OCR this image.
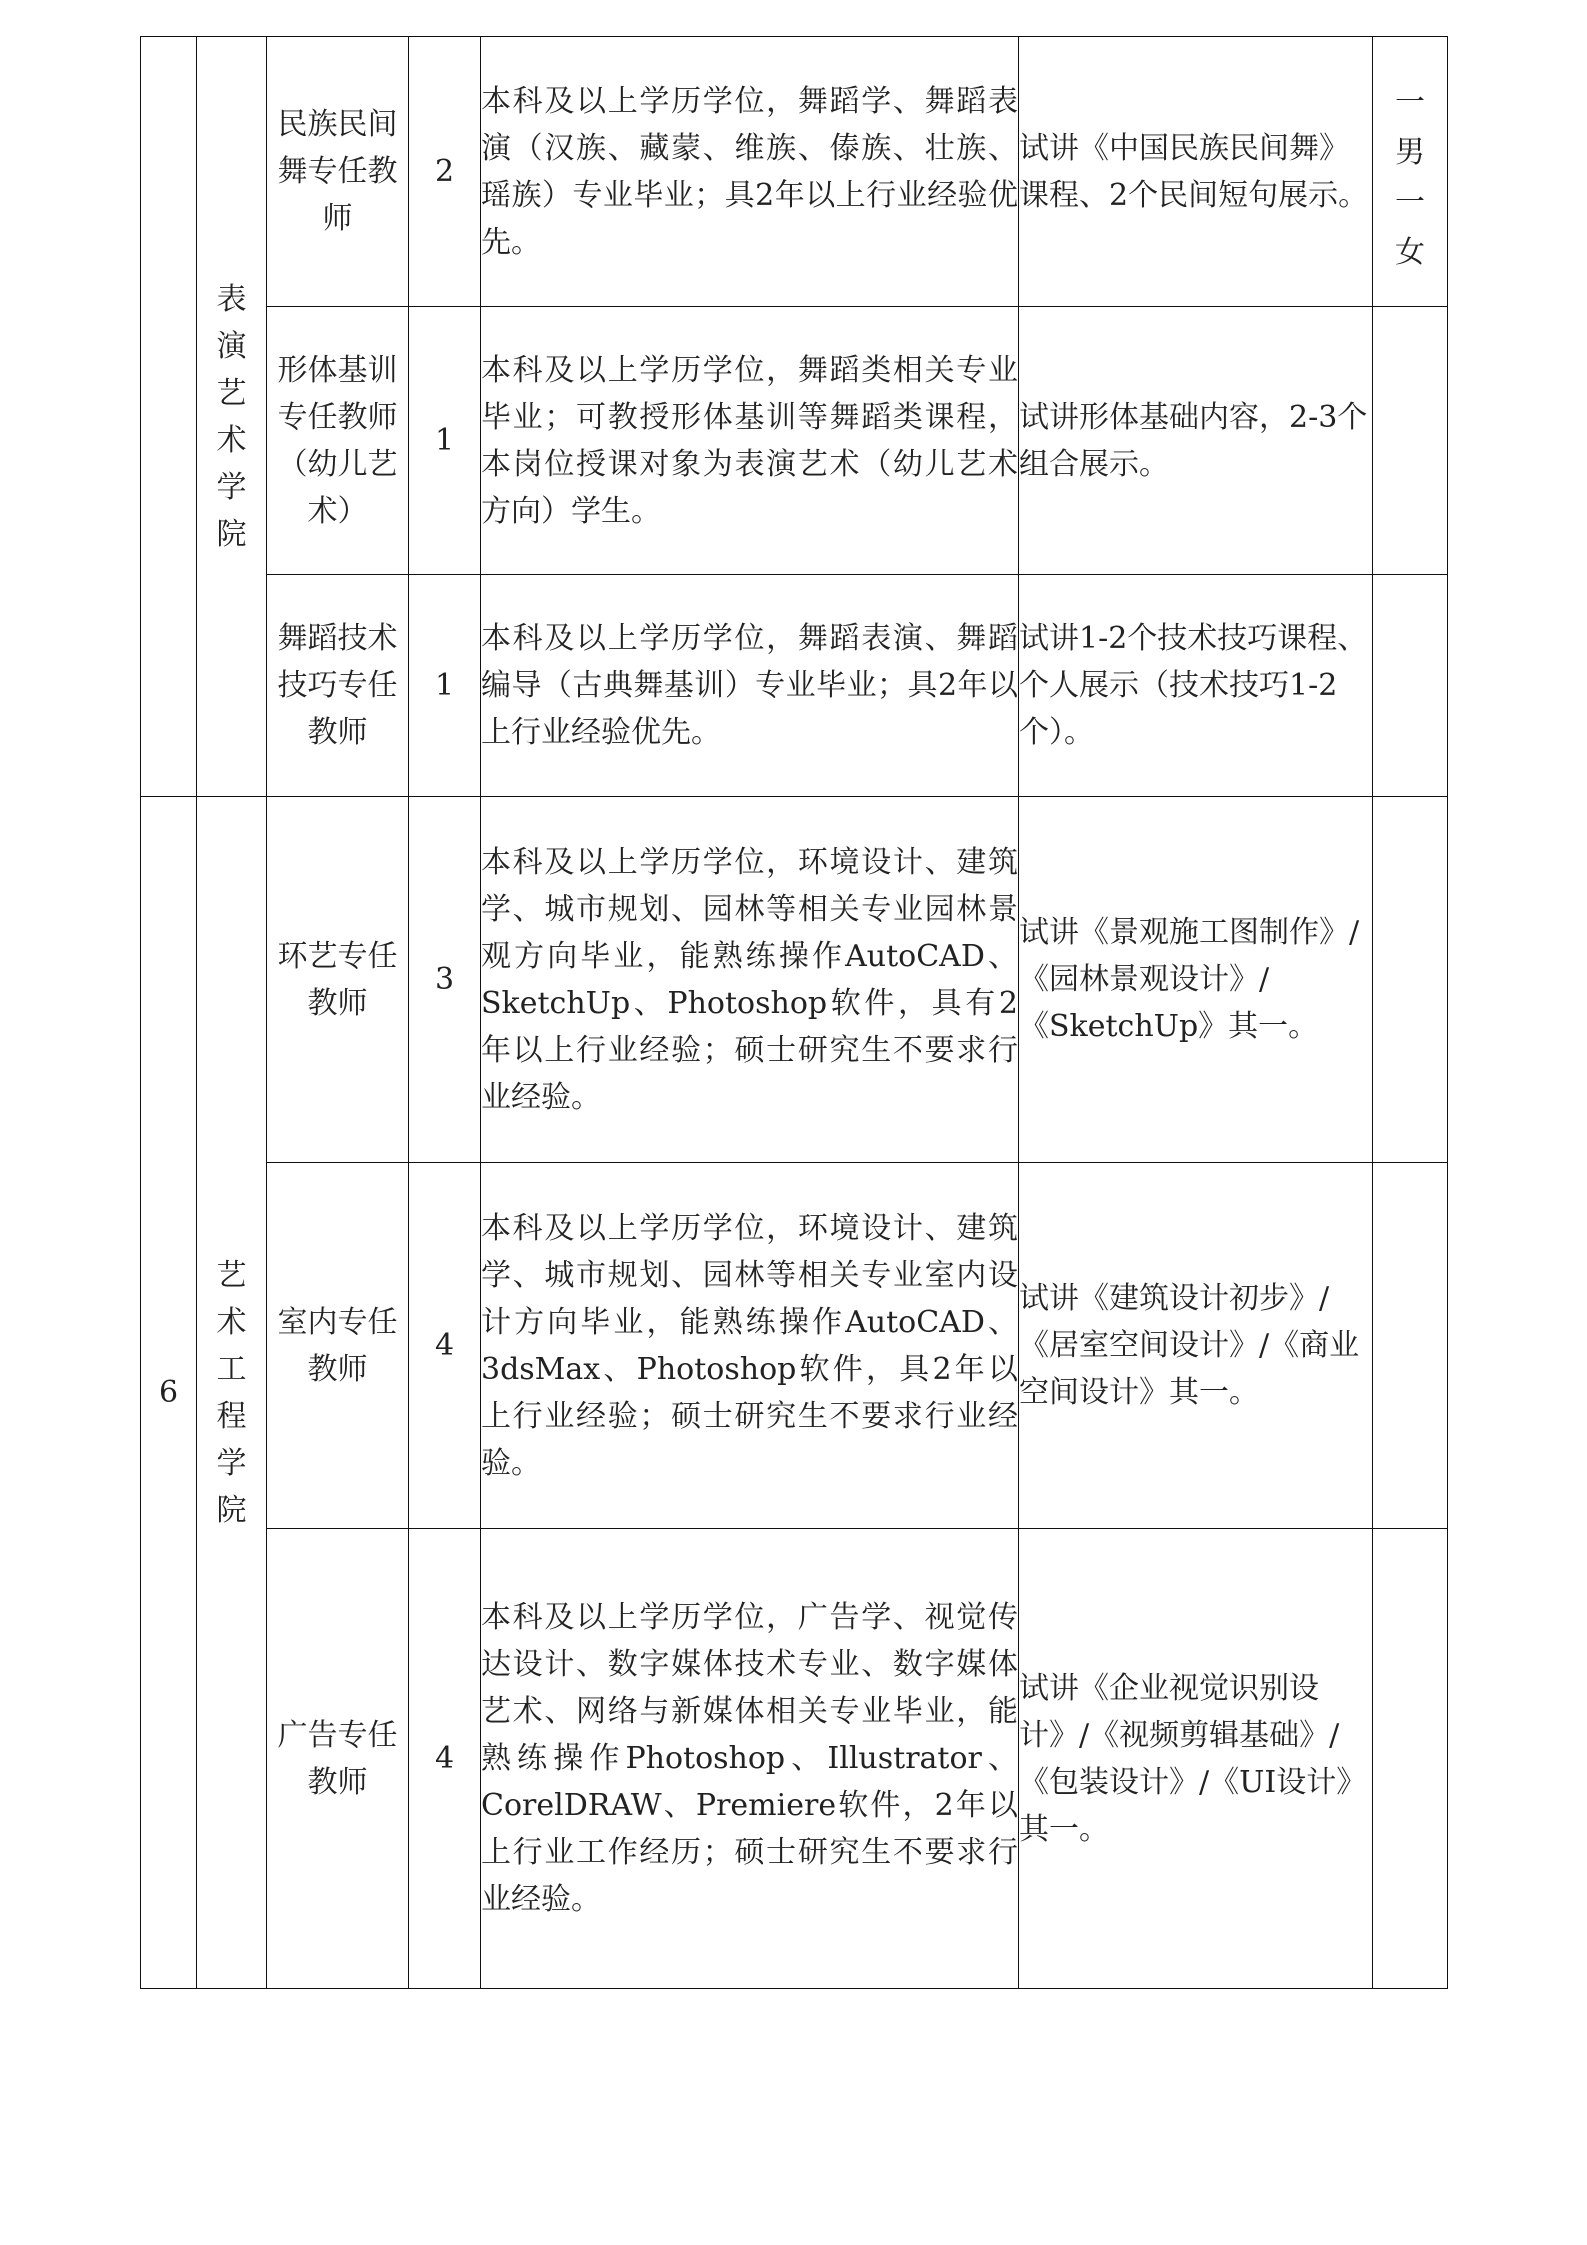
	表演艺术学院	民族民间舞专任教师	2	本科及以上学历学位，舞蹈学、舞蹈表演（汉族、藏蒙、维族、傣族、壮族、瑶族）专业毕业；具2年以上行业经验优先。	试讲《中国民族民间舞》课程、2个民间短句展示。	一男一女
		形体基训专任教师（幼儿艺术）	1	本科及以上学历学位，舞蹈类相关专业毕业；可教授形体基训等舞蹈类课程，本岗位授课对象为表演艺术（幼儿艺术方向）学生。	试讲形体基础内容，2-3个组合展示。	
		舞蹈技术技巧专任教师	1	本科及以上学历学位，舞蹈表演、舞蹈编导（古典舞基训）专业毕业；具2年以上行业经验优先。	试讲1-2个技术技巧课程、个人展示（技术技巧1-2个）。	
6	艺术工程学院	环艺专任教师	3	本科及以上学历学位，环境设计、建筑学、城市规划、园林等相关专业园林景观方向毕业，能熟练操作AutoCAD、SketchUp、Photoshop软件，具有2年以上行业经验；硕士研究生不要求行业经验。	试讲《景观施工图制作》/《园林景观设计》/《SketchUp》其一。	
		室内专任教师	4	本科及以上学历学位，环境设计、建筑学、城市规划、园林等相关专业室内设计方向毕业，能熟练操作AutoCAD、3dsMax、Photoshop软件，具2年以上行业经验；硕士研究生不要求行业经验。	试讲《建筑设计初步》/《居室空间设计》/《商业空间设计》其一。	
		广告专任教师	4	本科及以上学历学位，广告学、视觉传达设计、数字媒体技术专业、数字媒体艺术、网络与新媒体相关专业毕业，能熟练操作Photoshop、Illustrator、CorelDRAW、Premiere软件，2年以上行业工作经历；硕士研究生不要求行业经验。	试讲《企业视觉识别设计》/《视频剪辑基础》/《包装设计》/《UI设计》其一。	
